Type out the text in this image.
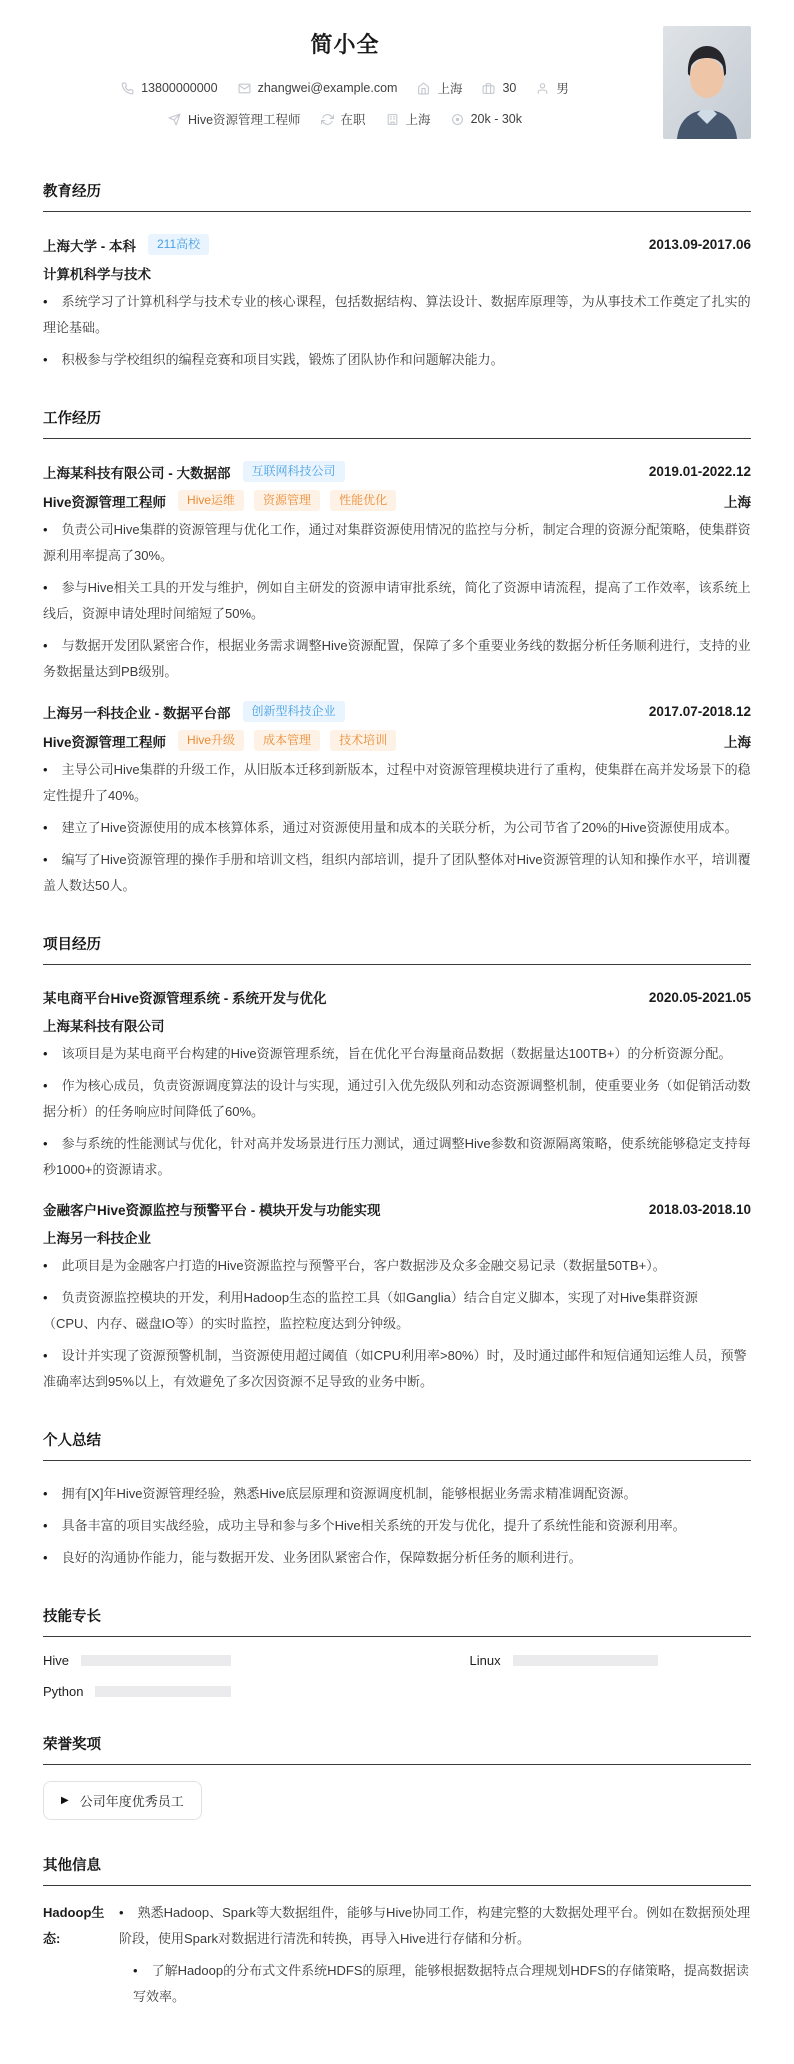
简小全
13800000000	zhangwei@example.com	上海	30	男
Hive资源管理工程师	在职	上海	20k - 30k
教育经历
上海大学 - 本科	211高校	2013.09-2017.06
计算机科学与技术
• 系统学习了计算机科学与技术专业的核心课程，包括数据结构、算法设计、数据库原理等，为从事技术工作奠定了扎实的理论基础。
• 积极参与学校组织的编程竞赛和项目实践，锻炼了团队协作和问题解决能力。
工作经历
上海某科技有限公司 - 大数据部	互联网科技公司	2019.01-2022.12
Hive资源管理工程师	Hive运维	资源管理	性能优化	上海
• 负责公司Hive集群的资源管理与优化工作，通过对集群资源使用情况的监控与分析，制定合理的资源分配策略，使集群资源利用率提高了30%。
• 参与Hive相关工具的开发与维护，例如自主研发的资源申请审批系统，简化了资源申请流程，提高了工作效率，该系统上线后，资源申请处理时间缩短了50%。
• 与数据开发团队紧密合作，根据业务需求调整Hive资源配置，保障了多个重要业务线的数据分析任务顺利进行，支持的业务数据量达到PB级别。
上海另一科技企业 - 数据平台部	创新型科技企业	2017.07-2018.12
Hive资源管理工程师	Hive升级	成本管理	技术培训	上海
• 主导公司Hive集群的升级工作，从旧版本迁移到新版本，过程中对资源管理模块进行了重构，使集群在高并发场景下的稳定性提升了40%。
• 建立了Hive资源使用的成本核算体系，通过对资源使用量和成本的关联分析，为公司节省了20%的Hive资源使用成本。
• 编写了Hive资源管理的操作手册和培训文档，组织内部培训，提升了团队整体对Hive资源管理的认知和操作水平，培训覆盖人数达50人。
项目经历
某电商平台Hive资源管理系统 - 系统开发与优化	2020.05-2021.05
上海某科技有限公司
• 该项目是为某电商平台构建的Hive资源管理系统，旨在优化平台海量商品数据（数据量达100TB+）的分析资源分配。
• 作为核心成员，负责资源调度算法的设计与实现，通过引入优先级队列和动态资源调整机制，使重要业务（如促销活动数据分析）的任务响应时间降低了60%。
• 参与系统的性能测试与优化，针对高并发场景进行压力测试，通过调整Hive参数和资源隔离策略，使系统能够稳定支持每秒1000+的资源请求。
金融客户Hive资源监控与预警平台 - 模块开发与功能实现	2018.03-2018.10
上海另一科技企业
• 此项目是为金融客户打造的Hive资源监控与预警平台，客户数据涉及众多金融交易记录（数据量50TB+）。
• 负责资源监控模块的开发，利用Hadoop生态的监控工具（如Ganglia）结合自定义脚本，实现了对Hive集群资源（CPU、内存、磁盘IO等）的实时监控，监控粒度达到分钟级。
• 设计并实现了资源预警机制，当资源使用超过阈值（如CPU利用率>80%）时，及时通过邮件和短信通知运维人员，预警准确率达到95%以上，有效避免了多次因资源不足导致的业务中断。
个人总结
• 拥有[X]年Hive资源管理经验，熟悉Hive底层原理和资源调度机制，能够根据业务需求精准调配资源。
• 具备丰富的项目实战经验，成功主导和参与多个Hive相关系统的开发与优化，提升了系统性能和资源利用率。
• 良好的沟通协作能力，能与数据开发、业务团队紧密合作，保障数据分析任务的顺利进行。
技能专长
Hive	Linux
Python
荣誉奖项
▶ 公司年度优秀员工
其他信息
Hadoop生态:
• 熟悉Hadoop、Spark等大数据组件，能够与Hive协同工作，构建完整的大数据处理平台。例如在数据预处理阶段，使用Spark对数据进行清洗和转换，再导入Hive进行存储和分析。
• 了解Hadoop的分布式文件系统HDFS的原理，能够根据数据特点合理规划HDFS的存储策略，提高数据读写效率。
